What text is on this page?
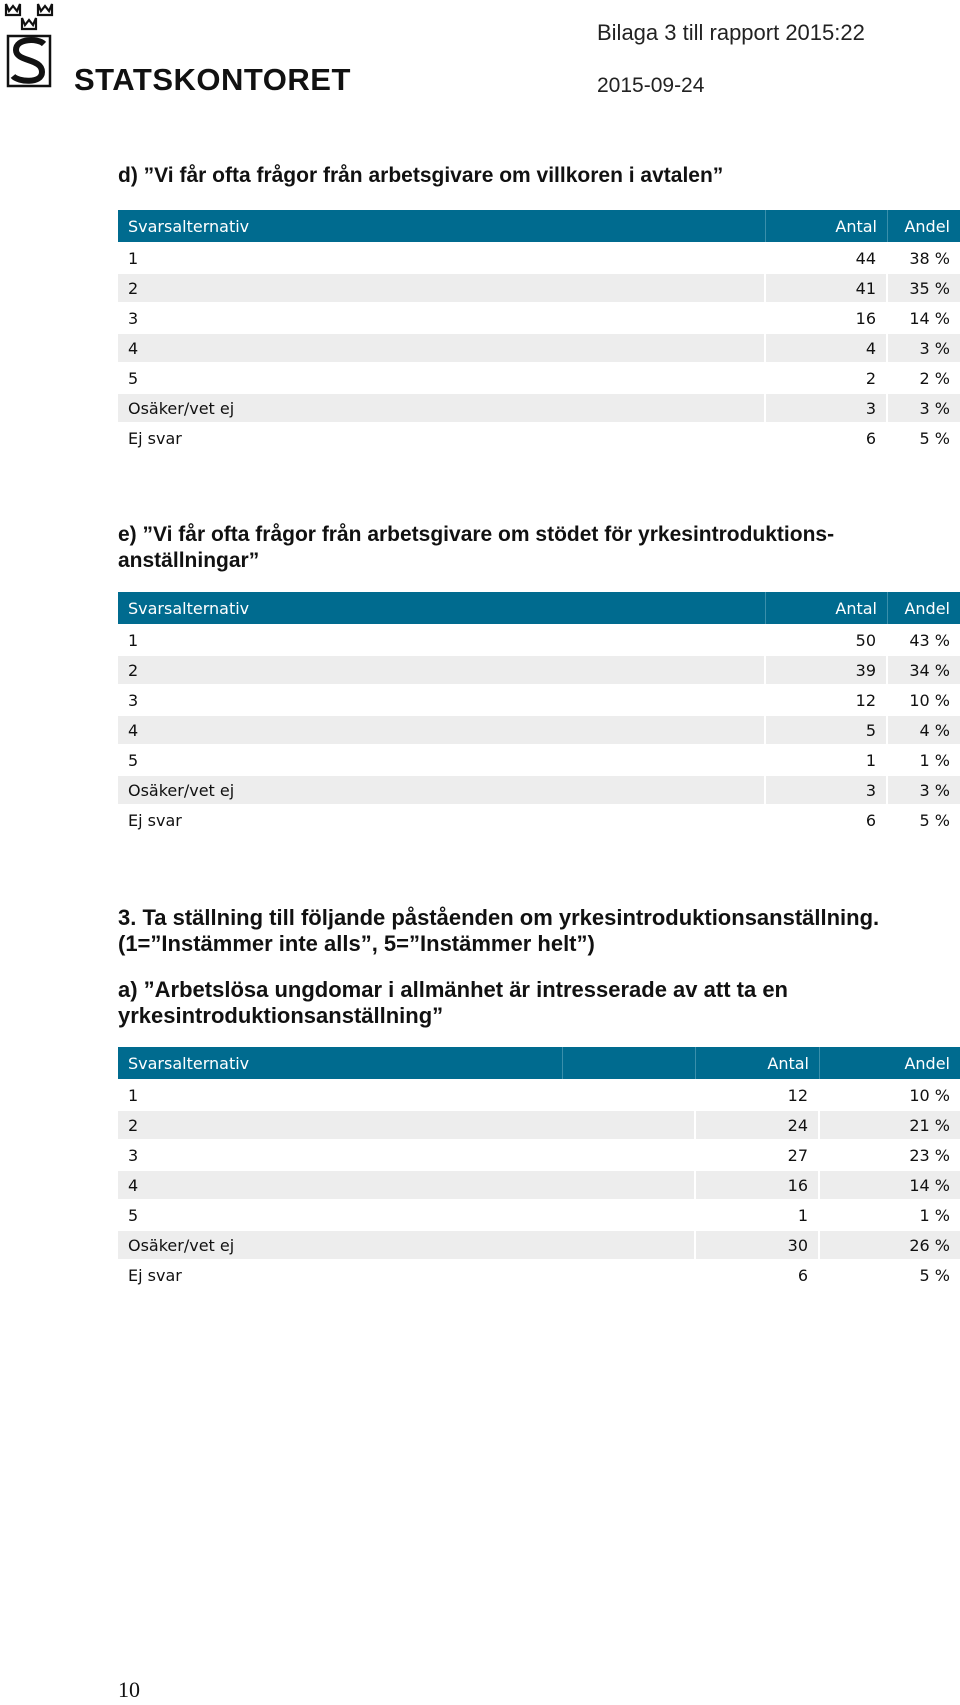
STATSKONTORET
Bilaga 3 till rapport 2015:22
2015-09-24
d) ”Vi får ofta frågor från arbetsgivare om villkoren i avtalen”
Svarsalternativ	Antal	Andel
1	44	38 %
2	41	35 %
3	16	14 %
4	4	3 %
5	2	2 %
Osäker/vet ej	3	3 %
Ej svar	6	5 %
e) ”Vi får ofta frågor från arbetsgivare om stödet för yrkesintroduktions-
anställningar”
Svarsalternativ	Antal	Andel
1	50	43 %
2	39	34 %
3	12	10 %
4	5	4 %
5	1	1 %
Osäker/vet ej	3	3 %
Ej svar	6	5 %
3. Ta ställning till följande påståenden om yrkesintroduktionsanställning.
(1=”Instämmer inte alls”, 5=”Instämmer helt”)
a) ”Arbetslösa ungdomar i allmänhet är intresserade av att ta en
yrkesintroduktionsanställning”
Svarsalternativ		Antal	Andel
1		12	10 %
2		24	21 %
3		27	23 %
4		16	14 %
5		1	1 %
Osäker/vet ej		30	26 %
Ej svar		6	5 %
10
